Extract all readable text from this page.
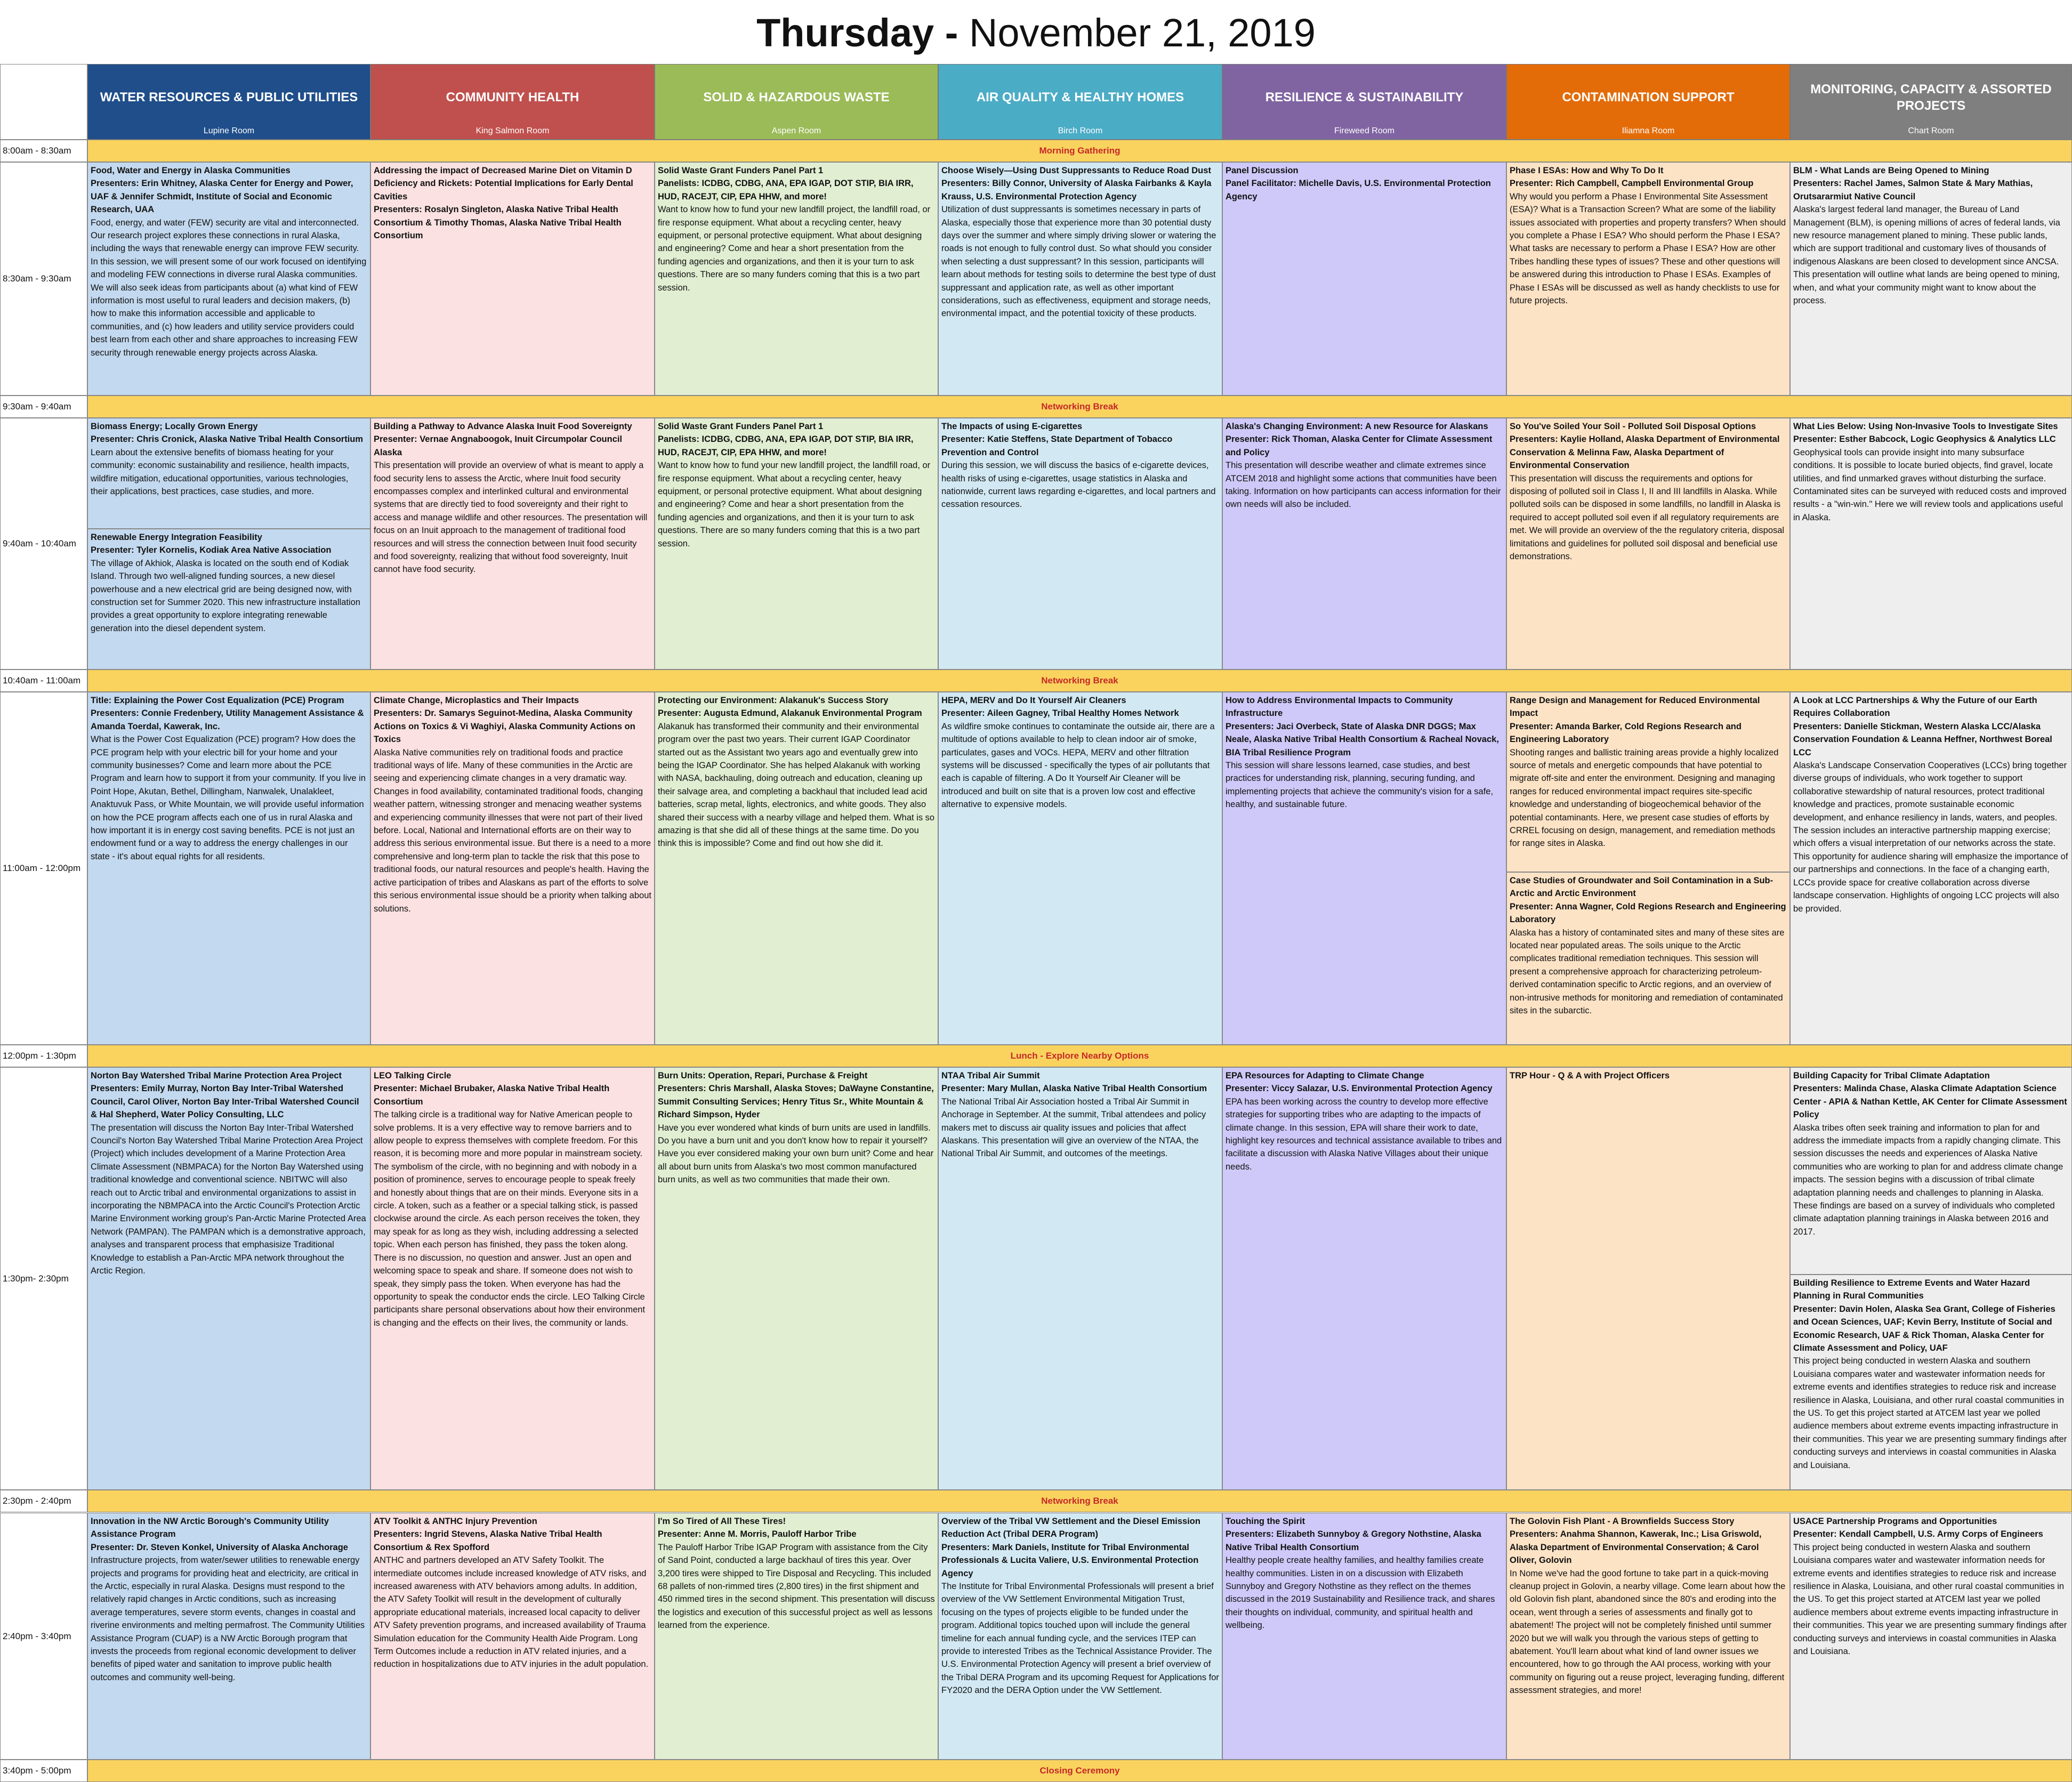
Thursday - November 21, 2019
WATER RESOURCES & PUBLIC UTILITIES
Lupine Room
COMMUNITY HEALTH
King Salmon Room
SOLID & HAZARDOUS WASTE
Aspen Room
AIR QUALITY & HEALTHY HOMES
Birch Room
RESILIENCE & SUSTAINABILITY
Fireweed Room
CONTAMINATION SUPPORT
Iliamna Room
MONITORING, CAPACITY & ASSORTED PROJECTS
Chart Room
8:00am - 8:30am	Morning Gathering
8:30am - 9:30am
Food, Water and Energy in Alaska Communities
Presenters: Erin Whitney, Alaska Center for Energy and Power, UAF & Jennifer Schmidt, Institute of Social and Economic Research, UAA
Food, energy, and water (FEW) security are vital and interconnected. Our research project explores these connections in rural Alaska, including the ways that renewable energy can improve FEW security. In this session, we will present some of our work focused on identifying and modeling FEW connections in diverse rural Alaska communities. We will also seek ideas from participants about (a) what kind of FEW information is most useful to rural leaders and decision makers, (b) how to make this information accessible and applicable to communities, and (c) how leaders and utility service providers could best learn from each other and share approaches to increasing FEW security through renewable energy projects across Alaska.
Addressing the impact of Decreased Marine Diet on Vitamin D Deficiency and Rickets: Potential Implications for Early Dental Cavities
Presenters: Rosalyn Singleton, Alaska Native Tribal Health Consortium & Timothy Thomas, Alaska Native Tribal Health Consortium
Solid Waste Grant Funders Panel Part 1
Panelists: ICDBG, CDBG, ANA, EPA IGAP, DOT STIP, BIA IRR, HUD, RACEJT, CIP, EPA HHW, and more!
Want to know how to fund your new landfill project, the landfill road, or fire response equipment. What about a recycling center, heavy equipment, or personal protective equipment. What about designing and engineering? Come and hear a short presentation from the funding agencies and organizations, and then it is your turn to ask questions. There are so many funders coming that this is a two part session.
Choose Wisely—Using Dust Suppressants to Reduce Road Dust
Presenters: Billy Connor, University of Alaska Fairbanks & Kayla Krauss, U.S. Environmental Protection Agency
Utilization of dust suppressants is sometimes necessary in parts of Alaska, especially those that experience more than 30 potential dusty days over the summer and where simply driving slower or watering the roads is not enough to fully control dust. So what should you consider when selecting a dust suppressant? In this session, participants will learn about methods for testing soils to determine the best type of dust suppressant and application rate, as well as other important considerations, such as effectiveness, equipment and storage needs, environmental impact, and the potential toxicity of these products.
Panel Discussion
Panel Facilitator: Michelle Davis, U.S. Environmental Protection Agency
Phase I ESAs: How and Why To Do It
Presenter: Rich Campbell, Campbell Environmental Group
Why would you perform a Phase I Environmental Site Assessment (ESA)? What is a Transaction Screen? What are some of the liability issues associated with properties and property transfers? When should you complete a Phase I ESA? Who should perform the Phase I ESA? What tasks are necessary to perform a Phase I ESA? How are other Tribes handling these types of issues? These and other questions will be answered during this introduction to Phase I ESAs. Examples of Phase I ESAs will be discussed as well as handy checklists to use for future projects.
BLM - What Lands are Being Opened to Mining
Presenters: Rachel James, Salmon State & Mary Mathias, Orutsararmiut Native Council
Alaska's largest federal land manager, the Bureau of Land Management (BLM), is opening millions of acres of federal lands, via new resource management planed to mining. These public lands, which are support traditional and customary lives of thousands of indigenous Alaskans are been closed to development since ANCSA. This presentation will outline what lands are being opened to mining, when, and what your community might want to know about the process.
9:30am - 9:40am	Networking Break
9:40am - 10:40am
Biomass Energy; Locally Grown Energy
Presenter: Chris Cronick, Alaska Native Tribal Health Consortium
Learn about the extensive benefits of biomass heating for your community: economic sustainability and resilience, health impacts, wildfire mitigation, educational opportunities, various technologies, their applications, best practices, case studies, and more.
Renewable Energy Integration Feasibility
Presenter: Tyler Kornelis, Kodiak Area Native Association
The village of Akhiok, Alaska is located on the south end of Kodiak Island. Through two well-aligned funding sources, a new diesel powerhouse and a new electrical grid are being designed now, with construction set for Summer 2020. This new infrastructure installation provides a great opportunity to explore integrating renewable generation into the diesel dependent system.
Building a Pathway to Advance Alaska Inuit Food Sovereignty
Presenter: Vernae Angnaboogok, Inuit Circumpolar Council Alaska
This presentation will provide an overview of what is meant to apply a food security lens to assess the Arctic, where Inuit food security encompasses complex and interlinked cultural and environmental systems that are directly tied to food sovereignty and their right to access and manage wildlife and other resources. The presentation will focus on an Inuit approach to the management of traditional food resources and will stress the connection between Inuit food security and food sovereignty, realizing that without food sovereignty, Inuit cannot have food security.
Solid Waste Grant Funders Panel Part 1
Panelists: ICDBG, CDBG, ANA, EPA IGAP, DOT STIP, BIA IRR, HUD, RACEJT, CIP, EPA HHW, and more!
Want to know how to fund your new landfill project, the landfill road, or fire response equipment. What about a recycling center, heavy equipment, or personal protective equipment. What about designing and engineering? Come and hear a short presentation from the funding agencies and organizations, and then it is your turn to ask questions. There are so many funders coming that this is a two part session.
The Impacts of using E-cigarettes
Presenter: Katie Steffens, State Department of Tobacco Prevention and Control
During this session, we will discuss the basics of e-cigarette devices, health risks of using e-cigarettes, usage statistics in Alaska and nationwide, current laws regarding e-cigarettes, and local partners and cessation resources.
Alaska's Changing Environment: A new Resource for Alaskans
Presenter: Rick Thoman, Alaska Center for Climate Assessment and Policy
This presentation will describe weather and climate extremes since ATCEM 2018 and highlight some actions that communities have been taking. Information on how participants can access information for their own needs will also be included.
So You've Soiled Your Soil - Polluted Soil Disposal Options
Presenters: Kaylie Holland, Alaska Department of Environmental Conservation & Melinna Faw, Alaska Department of Environmental Conservation
This presentation will discuss the requirements and options for disposing of polluted soil in Class I, II and III landfills in Alaska. While polluted soils can be disposed in some landfills, no landfill in Alaska is required to accept polluted soil even if all regulatory requirements are met. We will provide an overview of the the regulatory criteria, disposal limitations and guidelines for polluted soil disposal and beneficial use demonstrations.
What Lies Below: Using Non-Invasive Tools to Investigate Sites
Presenter: Esther Babcock, Logic Geophysics & Analytics LLC
Geophysical tools can provide insight into many subsurface conditions. It is possible to locate buried objects, find gravel, locate utilities, and find unmarked graves without disturbing the surface. Contaminated sites can be surveyed with reduced costs and improved results - a "win-win." Here we will review tools and applications useful in Alaska.
10:40am - 11:00am	Networking Break
11:00am - 12:00pm
Title: Explaining the Power Cost Equalization (PCE) Program
Presenters: Connie Fredenbery, Utility Management Assistance & Amanda Toerdal, Kawerak, Inc.
What is the Power Cost Equalization (PCE) program? How does the PCE program help with your electric bill for your home and your community businesses? Come and learn more about the PCE Program and learn how to support it from your community. If you live in Point Hope, Akutan, Bethel, Dillingham, Nanwalek, Unalakleet, Anaktuvuk Pass, or White Mountain, we will provide useful information on how the PCE program affects each one of us in rural Alaska and how important it is in energy cost saving benefits. PCE is not just an endowment fund or a way to address the energy challenges in our state - it's about equal rights for all residents.
Climate Change, Microplastics and Their Impacts
Presenters: Dr. Samarys Seguinot-Medina, Alaska Community Actions on Toxics & Vi Waghiyi, Alaska Community Actions on Toxics
Alaska Native communities rely on traditional foods and practice traditional ways of life. Many of these communities in the Arctic are seeing and experiencing climate changes in a very dramatic way. Changes in food availability, contaminated traditional foods, changing weather pattern, witnessing stronger and menacing weather systems and experiencing community illnesses that were not part of their lived before. Local, National and International efforts are on their way to address this serious environmental issue. But there is a need to a more comprehensive and long-term plan to tackle the risk that this pose to traditional foods, our natural resources and people's health. Having the active participation of tribes and Alaskans as part of the efforts to solve this serious environmental issue should be a priority when talking about solutions.
Protecting our Environment: Alakanuk's Success Story
Presenter: Augusta Edmund, Alakanuk Environmental Program
Alakanuk has transformed their community and their environmental program over the past two years. Their current IGAP Coordinator started out as the Assistant two years ago and eventually grew into being the IGAP Coordinator. She has helped Alakanuk with working with NASA, backhauling, doing outreach and education, cleaning up their salvage area, and completing a backhaul that included lead acid batteries, scrap metal, lights, electronics, and white goods. They also shared their success with a nearby village and helped them. What is so amazing is that she did all of these things at the same time. Do you think this is impossible? Come and find out how she did it.
HEPA, MERV and Do It Yourself Air Cleaners
Presenter: Aileen Gagney, Tribal Healthy Homes Network
As wildfire smoke continues to contaminate the outside air, there are a multitude of options available to help to clean indoor air of smoke, particulates, gases and VOCs. HEPA, MERV and other filtration systems will be discussed - specifically the types of air pollutants that each is capable of filtering. A Do It Yourself Air Cleaner will be introduced and built on site that is a proven low cost and effective alternative to expensive models.
How to Address Environmental Impacts to Community Infrastructure
Presenters: Jaci Overbeck, State of Alaska DNR DGGS; Max Neale, Alaska Native Tribal Health Consortium & Racheal Novack, BIA Tribal Resilience Program
This session will share lessons learned, case studies, and best practices for understanding risk, planning, securing funding, and implementing projects that achieve the community's vision for a safe, healthy, and sustainable future.
Range Design and Management for Reduced Environmental Impact
Presenter: Amanda Barker, Cold Regions Research and Engineering Laboratory
Shooting ranges and ballistic training areas provide a highly localized source of metals and energetic compounds that have potential to migrate off-site and enter the environment. Designing and managing ranges for reduced environmental impact requires site-specific knowledge and understanding of biogeochemical behavior of the potential contaminants. Here, we present case studies of efforts by CRREL focusing on design, management, and remediation methods for range sites in Alaska.
Case Studies of Groundwater and Soil Contamination in a Sub-Arctic and Arctic Environment
Presenter: Anna Wagner, Cold Regions Research and Engineering Laboratory
Alaska has a history of contaminated sites and many of these sites are located near populated areas. The soils unique to the Arctic complicates traditional remediation techniques. This session will present a comprehensive approach for characterizing petroleum-derived contamination specific to Arctic regions, and an overview of non-intrusive methods for monitoring and remediation of contaminated sites in the subarctic.
A Look at LCC Partnerships & Why the Future of our Earth Requires Collaboration
Presenters: Danielle Stickman, Western Alaska LCC/Alaska Conservation Foundation & Leanna Heffner, Northwest Boreal LCC
Alaska's Landscape Conservation Cooperatives (LCCs) bring together diverse groups of individuals, who work together to support collaborative stewardship of natural resources, protect traditional knowledge and practices, promote sustainable economic development, and enhance resiliency in lands, waters, and peoples. The session includes an interactive partnership mapping exercise; which offers a visual interpretation of our networks across the state. This opportunity for audience sharing will emphasize the importance of our partnerships and connections. In the face of a changing earth, LCCs provide space for creative collaboration across diverse landscape conservation. Highlights of ongoing LCC projects will also be provided.
12:00pm - 1:30pm	Lunch - Explore Nearby Options
1:30pm- 2:30pm
Norton Bay Watershed Tribal Marine Protection Area Project
Presenters: Emily Murray, Norton Bay Inter-Tribal Watershed Council, Carol Oliver, Norton Bay Inter-Tribal Watershed Council & Hal Shepherd, Water Policy Consulting, LLC
The presentation will discuss the Norton Bay Inter-Tribal Watershed Council's Norton Bay Watershed Tribal Marine Protection Area Project (Project) which includes development of a Marine Protection Area Climate Assessment (NBMPACA) for the Norton Bay Watershed using traditional knowledge and conventional science. NBITWC will also reach out to Arctic tribal and environmental organizations to assist in incorporating the NBMPACA into the Arctic Council's Protection Arctic Marine Environment working group's Pan-Arctic Marine Protected Area Network (PAMPAN). The PAMPAN which is a demonstrative approach, analyses and transparent process that emphasisize Traditional Knowledge to establish a Pan-Arctic MPA network throughout the Arctic Region.
LEO Talking Circle
Presenter: Michael Brubaker, Alaska Native Tribal Health Consortium
The talking circle is a traditional way for Native American people to solve problems. It is a very effective way to remove barriers and to allow people to express themselves with complete freedom. For this reason, it is becoming more and more popular in mainstream society. The symbolism of the circle, with no beginning and with nobody in a position of prominence, serves to encourage people to speak freely and honestly about things that are on their minds. Everyone sits in a circle. A token, such as a feather or a special talking stick, is passed clockwise around the circle. As each person receives the token, they may speak for as long as they wish, including addressing a selected topic. When each person has finished, they pass the token along. There is no discussion, no question and answer. Just an open and welcoming space to speak and share. If someone does not wish to speak, they simply pass the token. When everyone has had the opportunity to speak the conductor ends the circle. LEO Talking Circle participants share personal observations about how their environment is changing and the effects on their lives, the community or lands.
Burn Units: Operation, Repari, Purchase & Freight
Presenters: Chris Marshall, Alaska Stoves; DaWayne Constantine, Summit Consulting Services; Henry Titus Sr., White Mountain & Richard Simpson, Hyder
Have you ever wondered what kinds of burn units are used in landfills. Do you have a burn unit and you don't know how to repair it yourself? Have you ever considered making your own burn unit? Come and hear all about burn units from Alaska's two most common manufactured burn units, as well as two communities that made their own.
NTAA Tribal Air Summit
Presenter: Mary Mullan, Alaska Native Tribal Health Consortium
The National Tribal Air Association hosted a Tribal Air Summit in Anchorage in September. At the summit, Tribal attendees and policy makers met to discuss air quality issues and policies that affect Alaskans. This presentation will give an overview of the NTAA, the National Tribal Air Summit, and outcomes of the meetings.
EPA Resources for Adapting to Climate Change
Presenter: Viccy Salazar, U.S. Environmental Protection Agency
EPA has been working across the country to develop more effective strategies for supporting tribes who are adapting to the impacts of climate change. In this session, EPA will share their work to date, highlight key resources and technical assistance available to tribes and facilitate a discussion with Alaska Native Villages about their unique needs.
TRP Hour - Q & A with Project Officers	Building Capacity for Tribal Climate Adaptation
Presenters: Malinda Chase, Alaska Climate Adaptation Science Center - APIA & Nathan Kettle, AK Center for Climate Assessment Policy
Alaska tribes often seek training and information to plan for and address the immediate impacts from a rapidly changing climate. This session discusses the needs and experiences of Alaska Native communities who are working to plan for and address climate change impacts. The session begins with a discussion of tribal climate adaptation planning needs and challenges to planning in Alaska. These findings are based on a survey of individuals who completed climate adaptation planning trainings in Alaska between 2016 and 2017.
Building Resilience to Extreme Events and Water Hazard Planning in Rural Communities
Presenter: Davin Holen, Alaska Sea Grant, College of Fisheries and Ocean Sciences, UAF; Kevin Berry, Institute of Social and Economic Research, UAF & Rick Thoman, Alaska Center for Climate Assessment and Policy, UAF
This project being conducted in western Alaska and southern Louisiana compares water and wastewater information needs for extreme events and identifies strategies to reduce risk and increase resilience in Alaska, Louisiana, and other rural coastal communities in the US. To get this project started at ATCEM last year we polled audience members about extreme events impacting infrastructure in their communities. This year we are presenting summary findings after conducting surveys and interviews in coastal communities in Alaska and Louisiana.
2:30pm - 2:40pm	Networking Break
2:40pm - 3:40pm
Innovation in the NW Arctic Borough's Community Utility Assistance Program
Presenter: Dr. Steven Konkel, University of Alaska Anchorage
Infrastructure projects, from water/sewer utilities to renewable energy projects and programs for providing heat and electricity, are critical in the Arctic, especially in rural Alaska. Designs must respond to the relatively rapid changes in Arctic conditions, such as increasing average temperatures, severe storm events, changes in coastal and riverine environments and melting permafrost. The Community Utilities Assistance Program (CUAP) is a NW Arctic Borough program that invests the proceeds from regional economic development to deliver benefits of piped water and sanitation to improve public health outcomes and community well-being.
ATV Toolkit & ANTHC Injury Prevention
Presenters: Ingrid Stevens, Alaska Native Tribal Health Consortium & Rex Spofford
ANTHC and partners developed an ATV Safety Toolkit. The intermediate outcomes include increased knowledge of ATV risks, and increased awareness with ATV behaviors among adults. In addition, the ATV Safety Toolkit will result in the development of culturally appropriate educational materials, increased local capacity to deliver ATV Safety prevention programs, and increased availability of Trauma Simulation education for the Community Health Aide Program. Long Term Outcomes include a reduction in ATV related injuries, and a reduction in hospitalizations due to ATV injuries in the adult population.
I'm So Tired of All These Tires!
Presenter: Anne M. Morris, Pauloff Harbor Tribe
The Pauloff Harbor Tribe IGAP Program with assistance from the City of Sand Point, conducted a large backhaul of tires this year. Over 3,200 tires were shipped to Tire Disposal and Recycling. This included 68 pallets of non-rimmed tires (2,800 tires) in the first shipment and 450 rimmed tires in the second shipment. This presentation will discuss the logistics and execution of this successful project as well as lessons learned from the experience.
Overview of the Tribal VW Settlement and the Diesel Emission Reduction Act (Tribal DERA Program)
Presenters: Mark Daniels, Institute for Tribal Environmental Professionals & Lucita Valiere, U.S. Environmental Protection Agency
The Institute for Tribal Environmental Professionals will present a brief overview of the VW Settlement Environmental Mitigation Trust, focusing on the types of projects eligible to be funded under the program. Additional topics touched upon will include the general timeline for each annual funding cycle, and the services ITEP can provide to interested Tribes as the Technical Assistance Provider. The U.S. Environmental Protection Agency will present a brief overview of the Tribal DERA Program and its upcoming Request for Applications for FY2020 and the DERA Option under the VW Settlement.
Touching the Spirit
Presenters: Elizabeth Sunnyboy & Gregory Nothstine, Alaska Native Tribal Health Consortium
Healthy people create healthy families, and healthy families create healthy communities. Listen in on a discussion with Elizabeth Sunnyboy and Gregory Nothstine as they reflect on the themes discussed in the 2019 Sustainability and Resilience track, and shares their thoughts on individual, community, and spiritual health and wellbeing.
The Golovin Fish Plant - A Brownfields Success Story
Presenters: Anahma Shannon, Kawerak, Inc.; Lisa Griswold, Alaska Department of Environmental Conservation; & Carol Oliver, Golovin
In Nome we've had the good fortune to take part in a quick-moving cleanup project in Golovin, a nearby village. Come learn about how the old Golovin fish plant, abandoned since the 80's and eroding into the ocean, went through a series of assessments and finally got to abatement! The project will not be completely finished until summer 2020 but we will walk you through the various steps of getting to abatement. You'll learn about what kind of land owner issues we encountered, how to go through the AAI process, working with your community on figuring out a reuse project, leveraging funding, different assessment strategies, and more!
USACE Partnership Programs and Opportunities
Presenter: Kendall Campbell, U.S. Army Corps of Engineers
This project being conducted in western Alaska and southern Louisiana compares water and wastewater information needs for extreme events and identifies strategies to reduce risk and increase resilience in Alaska, Louisiana, and other rural coastal communities in the US. To get this project started at ATCEM last year we polled audience members about extreme events impacting infrastructure in their communities. This year we are presenting summary findings after conducting surveys and interviews in coastal communities in Alaska and Louisiana.
3:40pm - 5:00pm	Closing Ceremony
